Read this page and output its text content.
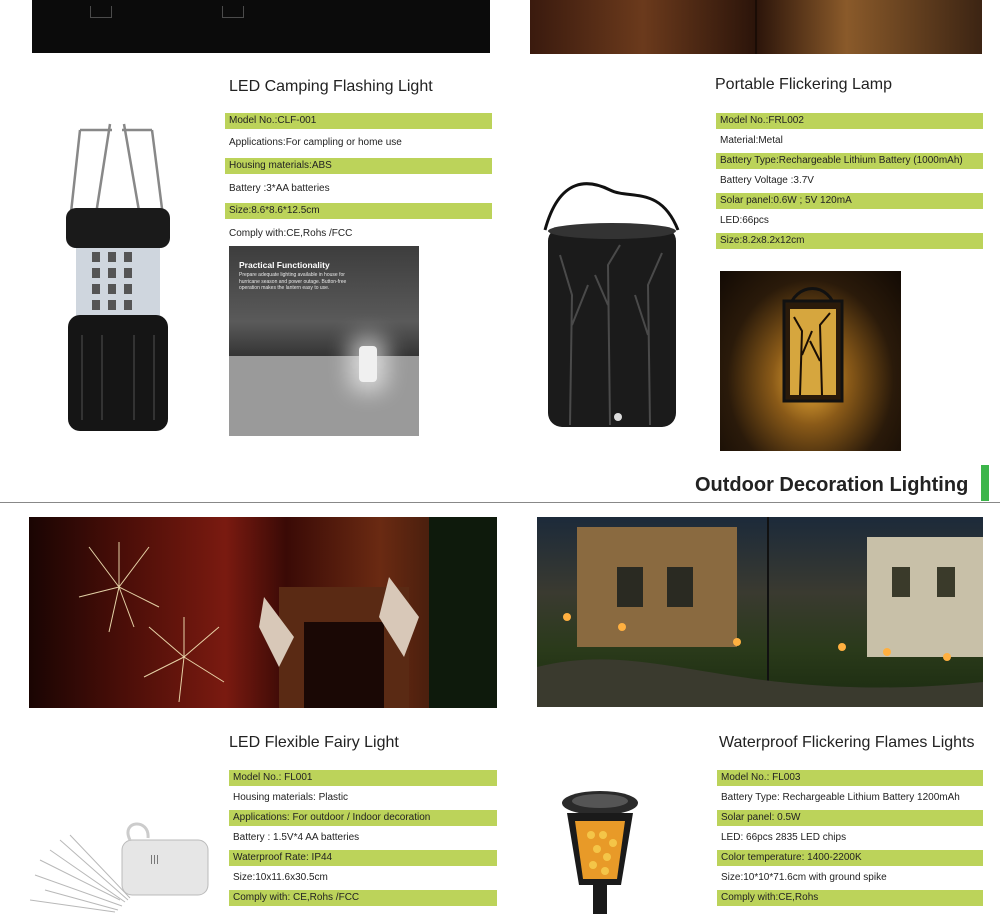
LED Camping Flashing Light
Model No.:CLF-001
Applications:For campling or home use
Housing materials:ABS
Battery :3*AA batteries
Size:8.6*8.6*12.5cm
Comply with:CE,Rohs /FCC
Practical Functionality
Prepare adequate lighting available in house for hurricane season and power outage. Button-free operation makes the lantern easy to use.
Portable Flickering Lamp
Model No.:FRL002
Material:Metal
Battery Type:Rechargeable Lithium Battery (1000mAh)
Battery Voltage :3.7V
Solar panel:0.6W ; 5V 120mA
LED:66pcs
Size:8.2x8.2x12cm
Outdoor Decoration Lighting
LED Flexible Fairy Light
Model No.: FL001
Housing materials: Plastic
Applications: For outdoor / Indoor decoration
Battery : 1.5V*4 AA batteries
Waterproof Rate: IP44
Size:10x11.6x30.5cm
Comply with: CE,Rohs /FCC
|||
Waterproof Flickering Flames Lights
Model No.: FL003
Battery Type: Rechargeable Lithium Battery 1200mAh
Solar panel: 0.5W
LED: 66pcs 2835 LED chips
Color temperature: 1400-2200K
Size:10*10*71.6cm with ground spike
Comply with:CE,Rohs
